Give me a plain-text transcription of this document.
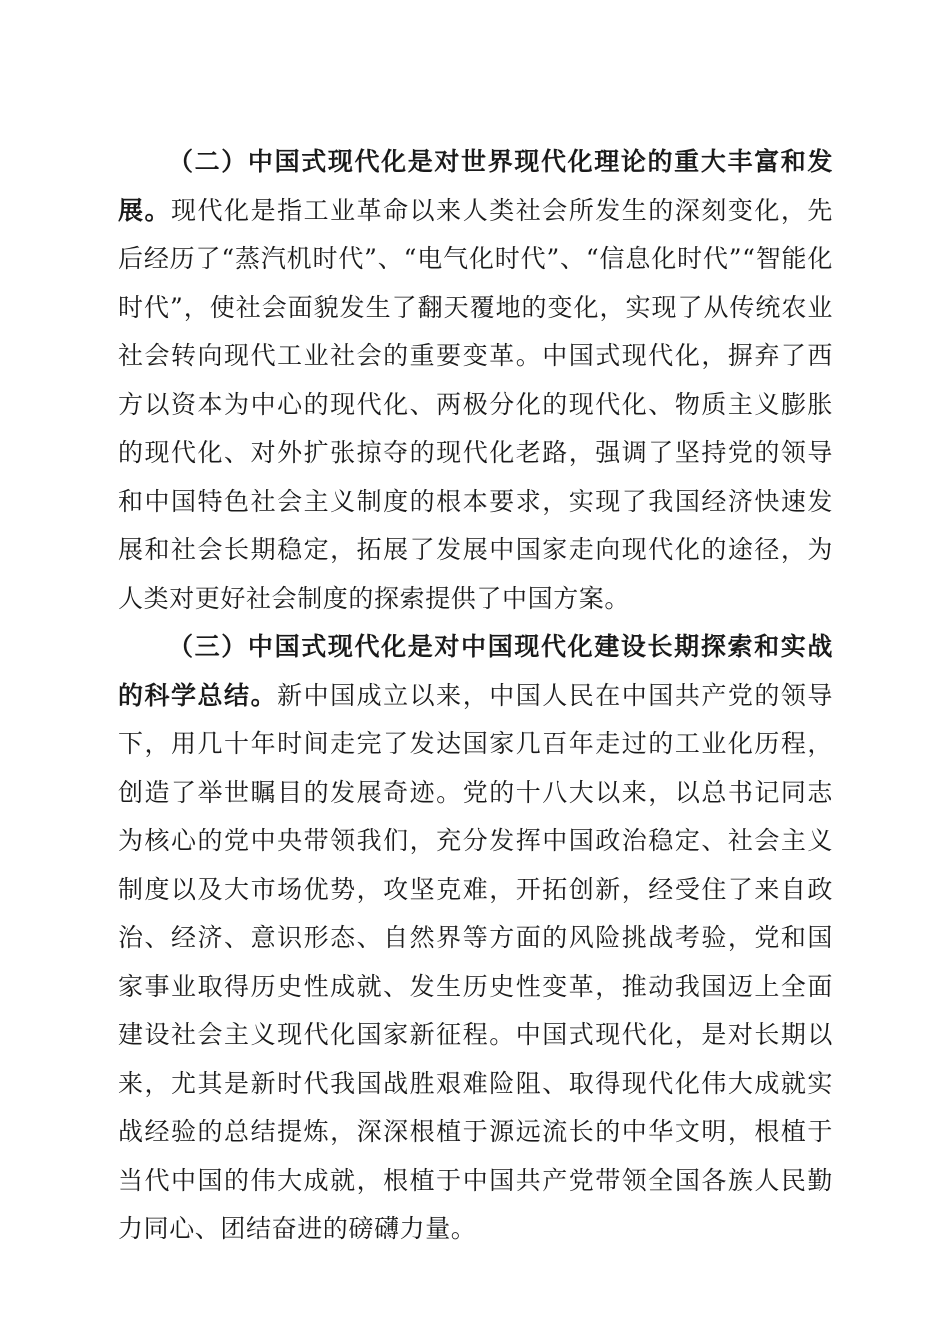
（二）中国式现代化是对世界现代化理论的重大丰富和发展。现代化是指工业革命以来人类社会所发生的深刻变化，先后经历了“蒸汽机时代”、“电气化时代”、“信息化时代”“智能化时代”，使社会面貌发生了翻天覆地的变化，实现了从传统农业社会转向现代工业社会的重要变革。中国式现代化，摒弃了西方以资本为中心的现代化、两极分化的现代化、物质主义膨胀的现代化、对外扩张掠夺的现代化老路，强调了坚持党的领导和中国特色社会主义制度的根本要求，实现了我国经济快速发展和社会长期稳定，拓展了发展中国家走向现代化的途径，为人类对更好社会制度的探索提供了中国方案。

（三）中国式现代化是对中国现代化建设长期探索和实战的科学总结。新中国成立以来，中国人民在中国共产党的领导下，用几十年时间走完了发达国家几百年走过的工业化历程，创造了举世瞩目的发展奇迹。党的十八大以来，以总书记同志为核心的党中央带领我们，充分发挥中国政治稳定、社会主义制度以及大市场优势，攻坚克难，开拓创新，经受住了来自政治、经济、意识形态、自然界等方面的风险挑战考验，党和国家事业取得历史性成就、发生历史性变革，推动我国迈上全面建设社会主义现代化国家新征程。中国式现代化，是对长期以来，尤其是新时代我国战胜艰难险阻、取得现代化伟大成就实战经验的总结提炼，深深根植于源远流长的中华文明，根植于当代中国的伟大成就，根植于中国共产党带领全国各族人民勤力同心、团结奋进的磅礴力量。
